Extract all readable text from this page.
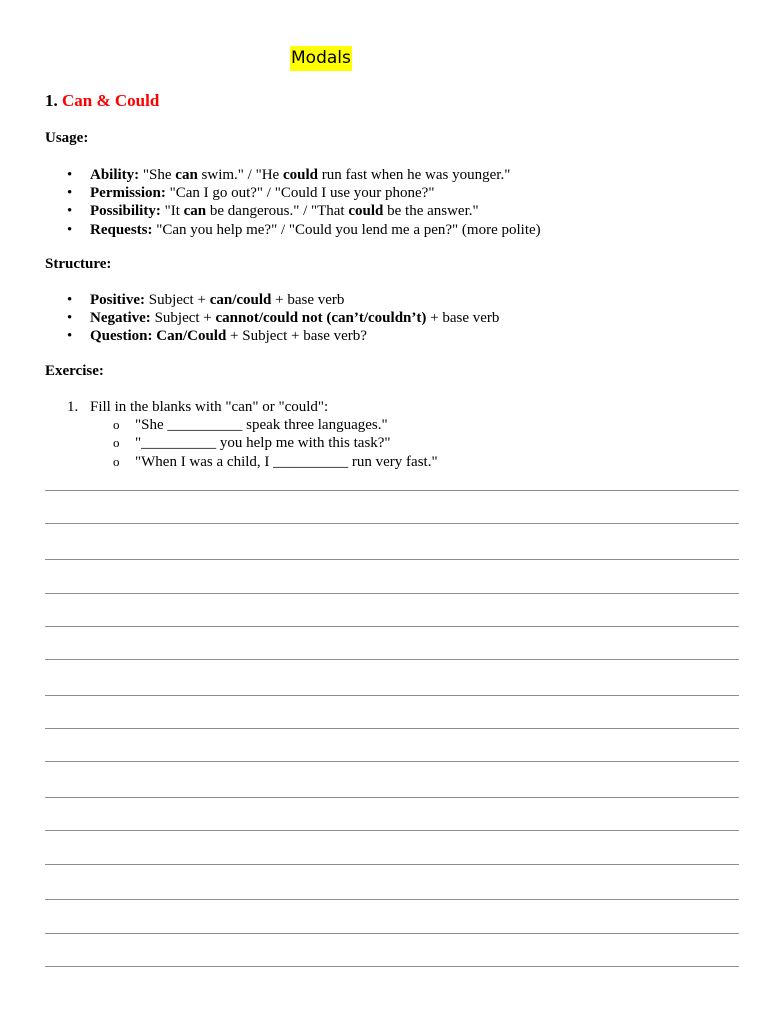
Modals
1. Can & Could
Usage:
• Ability: "She can swim." / "He could run fast when he was younger."
• Permission: "Can I go out?" / "Could I use your phone?"
• Possibility: "It can be dangerous." / "That could be the answer."
• Requests: "Can you help me?" / "Could you lend me a pen?" (more polite)
Structure:
• Positive: Subject + can/could + base verb
• Negative: Subject + cannot/could not (can’t/couldn’t) + base verb
• Question: Can/Could + Subject + base verb?
Exercise:
1. Fill in the blanks with "can" or "could":
o "She __________ speak three languages."
o "__________ you help me with this task?"
o "When I was a child, I __________ run very fast."
